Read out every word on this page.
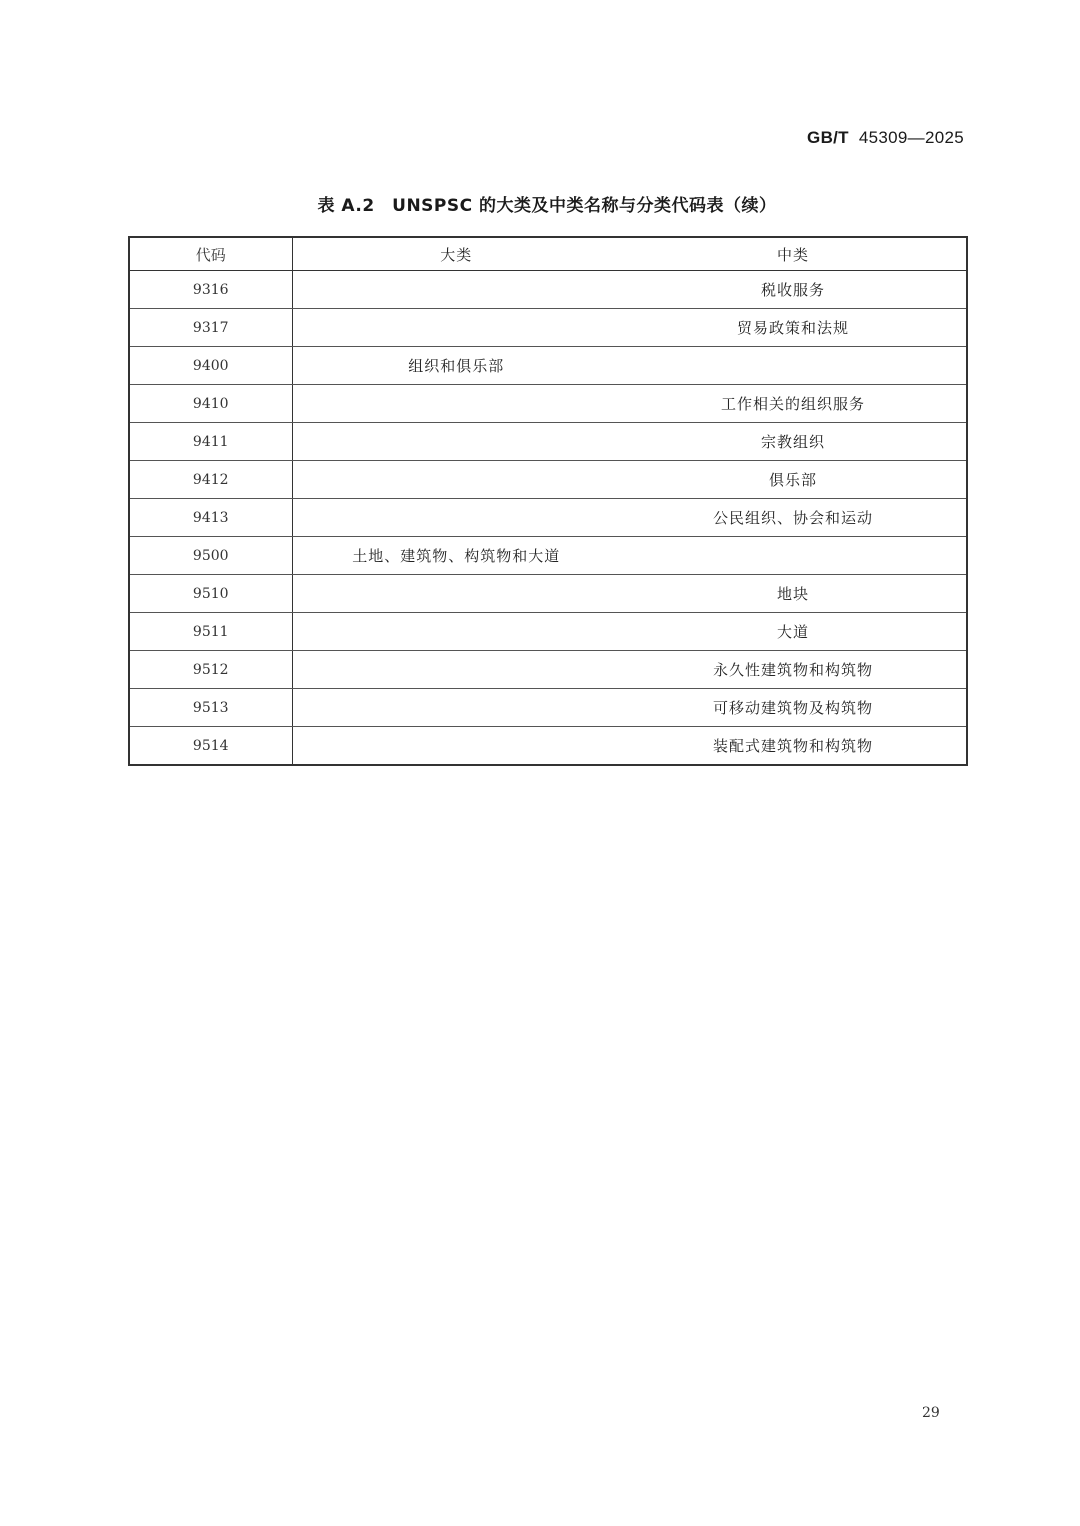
GB/T 45309—2025
表 A.2　UNSPSC 的大类及中类名称与分类代码表（续）
代码	大类	中类
9316		税收服务
9317		贸易政策和法规
9400	组织和俱乐部	
9410		工作相关的组织服务
9411		宗教组织
9412		俱乐部
9413		公民组织、协会和运动
9500	土地、建筑物、构筑物和大道	
9510		地块
9511		大道
9512		永久性建筑物和构筑物
9513		可移动建筑物及构筑物
9514		装配式建筑物和构筑物
29
